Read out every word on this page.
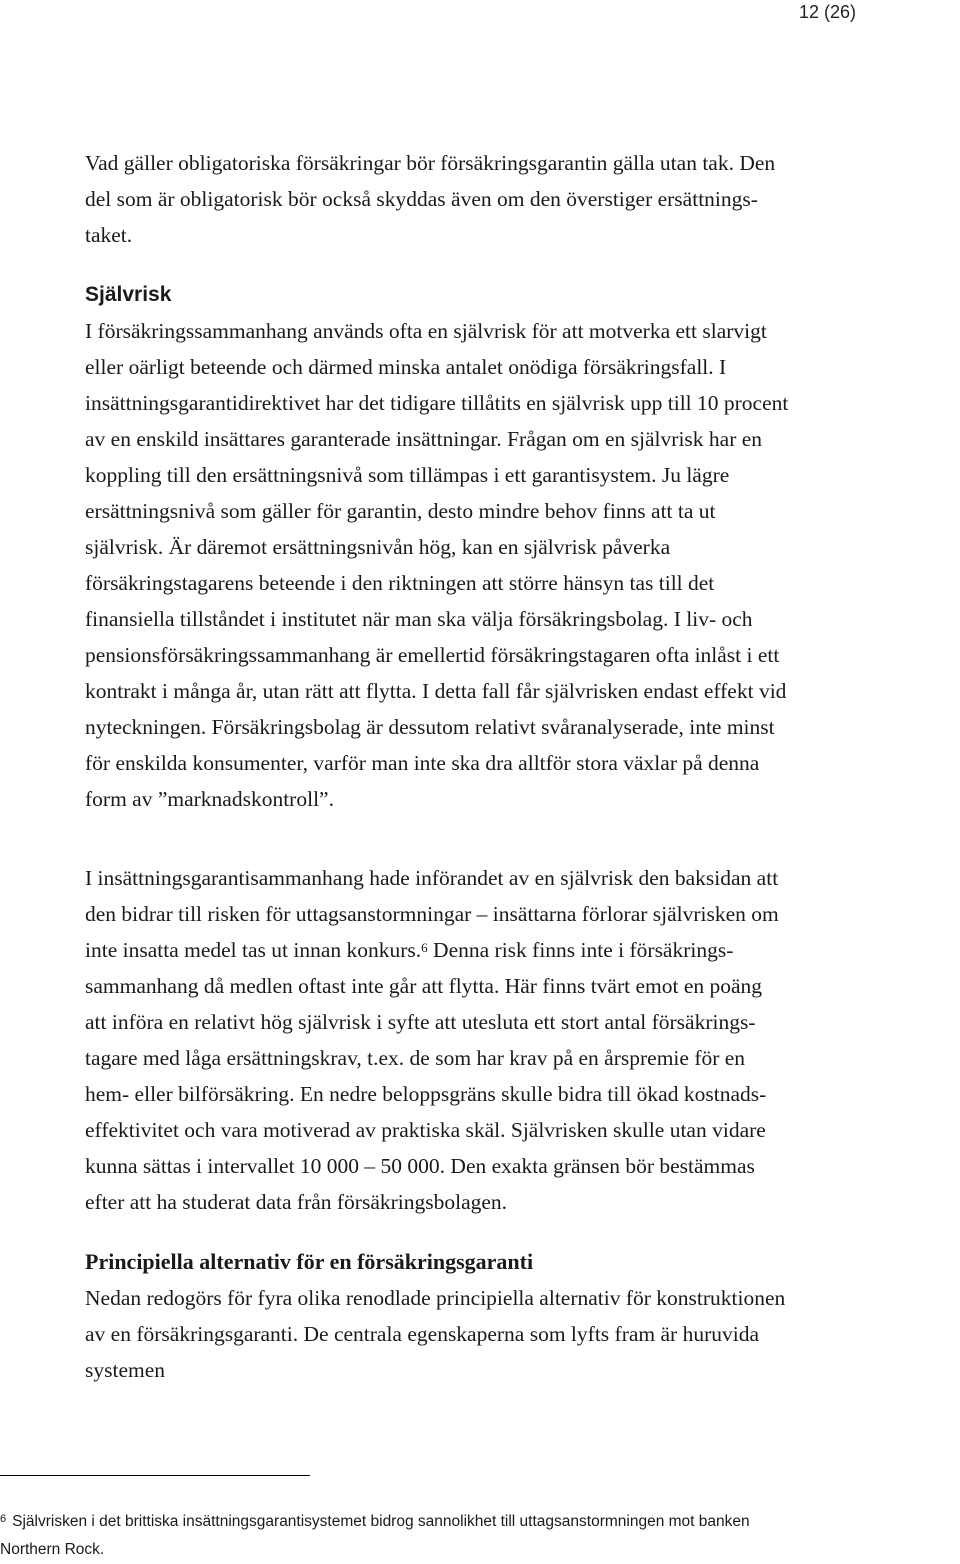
12 (26)

Vad gäller obligatoriska försäkringar bör försäkringsgarantin gälla utan tak. Den
del som är obligatorisk bör också skyddas även om den överstiger ersättnings-
taket.

Självrisk

I försäkringssammanhang används ofta en självrisk för att motverka ett slarvigt
eller oärligt beteende och därmed minska antalet onödiga försäkringsfall. I
insättningsgarantidirektivet har det tidigare tillåtits en självrisk upp till 10 procent
av en enskild insättares garanterade insättningar. Frågan om en självrisk har en
koppling till den ersättningsnivå som tillämpas i ett garantisystem. Ju lägre
ersättningsnivå som gäller för garantin, desto mindre behov finns att ta ut
självrisk. Är däremot ersättningsnivån hög, kan en självrisk påverka
försäkringstagarens beteende i den riktningen att större hänsyn tas till det
finansiella tillståndet i institutet när man ska välja försäkringsbolag. I liv- och
pensionsförsäkringssammanhang är emellertid försäkringstagaren ofta inlåst i ett
kontrakt i många år, utan rätt att flytta. I detta fall får självrisken endast effekt vid
nyteckningen. Försäkringsbolag är dessutom relativt svåranalyserade, inte minst
för enskilda konsumenter, varför man inte ska dra alltför stora växlar på denna
form av ”marknadskontroll”.

I insättningsgarantisammanhang hade införandet av en självrisk den baksidan att
den bidrar till risken för uttagsanstormningar – insättarna förlorar självrisken om
inte insatta medel tas ut innan konkurs.$^6$ Denna risk finns inte i försäkrings-
sammanhang då medlen oftast inte går att flytta. Här finns tvärt emot en poäng
att införa en relativt hög självrisk i syfte att utesluta ett stort antal försäkrings-
tagare med låga ersättningskrav, t.ex. de som har krav på en årspremie för en
hem- eller bilförsäkring. En nedre beloppsgräns skulle bidra till ökad kostnads-
effektivitet och vara motiverad av praktiska skäl. Självrisken skulle utan vidare
kunna sättas i intervallet 10 000 – 50 000. Den exakta gränsen bör bestämmas
efter att ha studerat data från försäkringsbolagen.

Principiella alternativ för en försäkringsgaranti

Nedan redogörs för fyra olika renodlade principiella alternativ för konstruktionen
av en försäkringsgaranti. De centrala egenskaperna som lyfts fram är huruvida
systemen

$^6$ Självrisken i det brittiska insättningsgarantisystemet bidrog sannolikhet till uttagsanstormningen mot banken
Northern Rock.
